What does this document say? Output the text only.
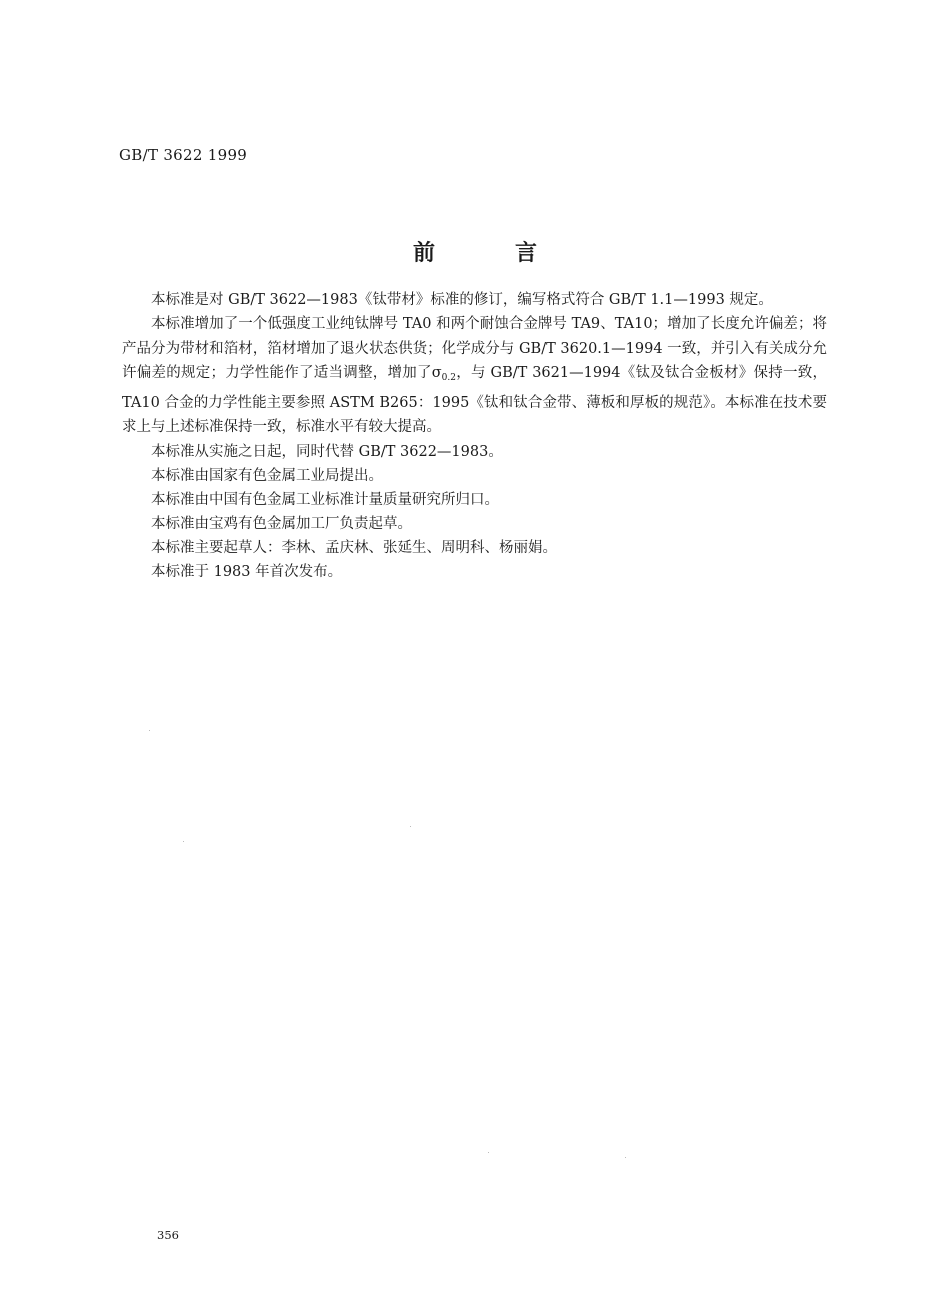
GB/T 3622 1999
前言

本标准是对 GB/T 3622—1983《钛带材》标准的修订，编写格式符合 GB/T 1.1—1993 规定。

本标准增加了一个低强度工业纯钛牌号 TA0 和两个耐蚀合金牌号 TA9、TA10；增加了长度允许偏差；将产品分为带材和箔材，箔材增加了退火状态供货；化学成分与 GB/T 3620.1—1994 一致，并引入有关成分允许偏差的规定；力学性能作了适当调整，增加了$\sigma_{0.2}$，与 GB/T 3621—1994《钛及钛合金板材》保持一致，TA10 合金的力学性能主要参照 ASTM B265：1995《钛和钛合金带、薄板和厚板的规范》。本标准在技术要求上与上述标准保持一致，标准水平有较大提高。

本标准从实施之日起，同时代替 GB/T 3622—1983。

本标准由国家有色金属工业局提出。

本标准由中国有色金属工业标准计量质量研究所归口。

本标准由宝鸡有色金属加工厂负责起草。

本标准主要起草人：李林、孟庆林、张延生、周明科、杨丽娟。

本标准于 1983 年首次发布。

356
